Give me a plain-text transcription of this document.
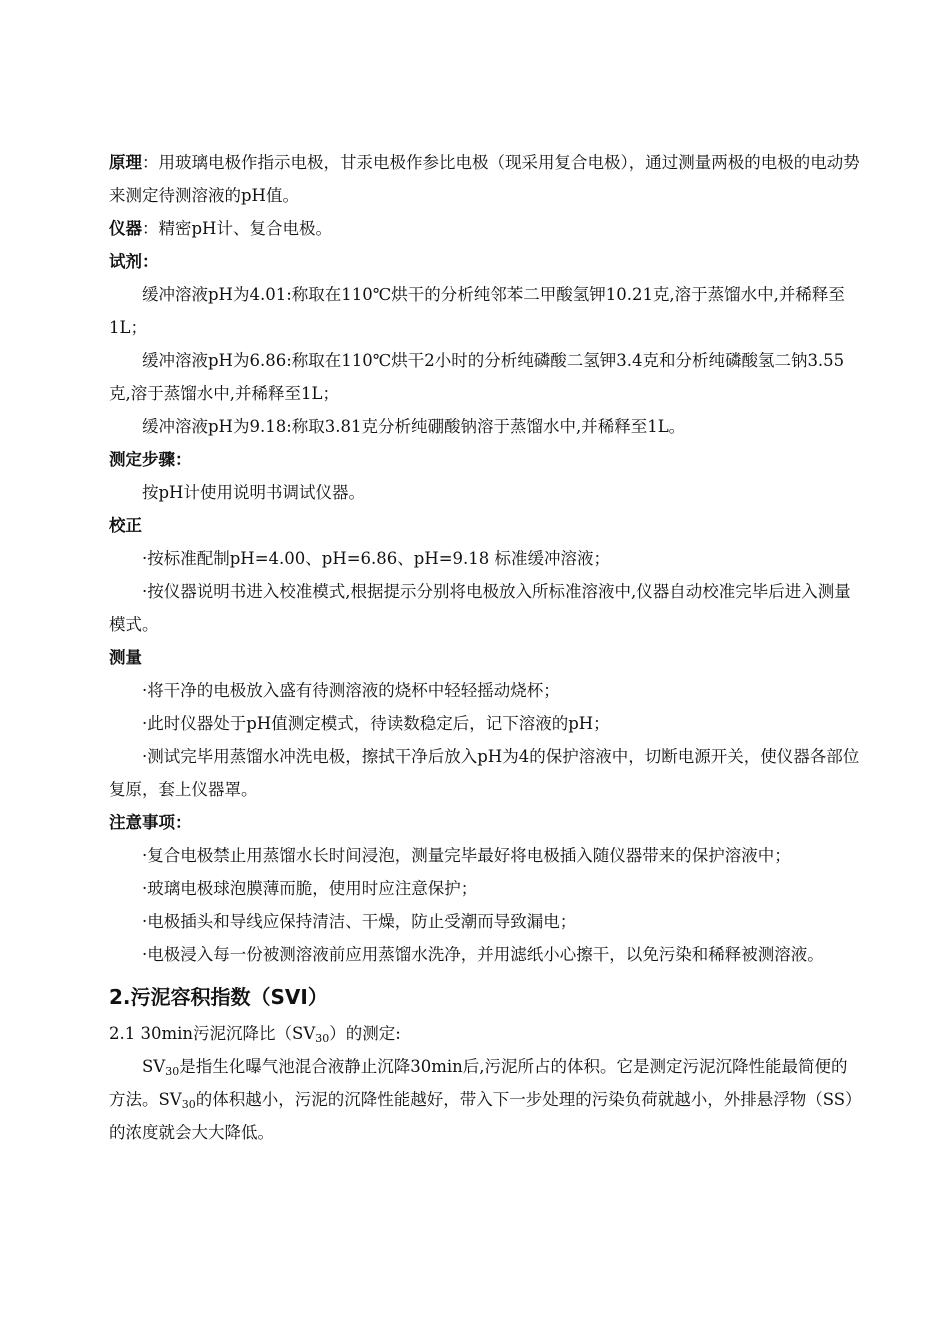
原理：用玻璃电极作指示电极，甘汞电极作参比电极（现采用复合电极），通过测量两极的电极的电动势来测定待测溶液的pH值。

仪器：精密pH计、复合电极。

试剂：

缓冲溶液pH为4.01:称取在110℃烘干的分析纯邻苯二甲酸氢钾10.21克,溶于蒸馏水中,并稀释至1L；

缓冲溶液pH为6.86:称取在110℃烘干2小时的分析纯磷酸二氢钾3.4克和分析纯磷酸氢二钠3.55克,溶于蒸馏水中,并稀释至1L；

缓冲溶液pH为9.18:称取3.81克分析纯硼酸钠溶于蒸馏水中,并稀释至1L。

测定步骤：

按pH计使用说明书调试仪器。

校正

·按标准配制pH=4.00、pH=6.86、pH=9.18 标准缓冲溶液；

·按仪器说明书进入校准模式,根据提示分别将电极放入所标准溶液中,仪器自动校准完毕后进入测量模式。

测量

·将干净的电极放入盛有待测溶液的烧杯中轻轻摇动烧杯；

·此时仪器处于pH值测定模式，待读数稳定后，记下溶液的pH；

·测试完毕用蒸馏水冲洗电极，擦拭干净后放入pH为4的保护溶液中，切断电源开关，使仪器各部位复原，套上仪器罩。

注意事项：

·复合电极禁止用蒸馏水长时间浸泡，测量完毕最好将电极插入随仪器带来的保护溶液中；

·玻璃电极球泡膜薄而脆，使用时应注意保护；

·电极插头和导线应保持清洁、干燥，防止受潮而导致漏电；

·电极浸入每一份被测溶液前应用蒸馏水洗净，并用滤纸小心擦干，以免污染和稀释被测溶液。

2.污泥容积指数（SVI）

2.1 30min污泥沉降比$(SV_{30})$的测定:

$SV_{30}$是指生化曝气池混合液静止沉降30min后,污泥所占的体积。它是测定污泥沉降性能最简便的方法。$SV_{30}$的体积越小，污泥的沉降性能越好，带入下一步处理的污染负荷就越小，外排悬浮物（SS）的浓度就会大大降低。
